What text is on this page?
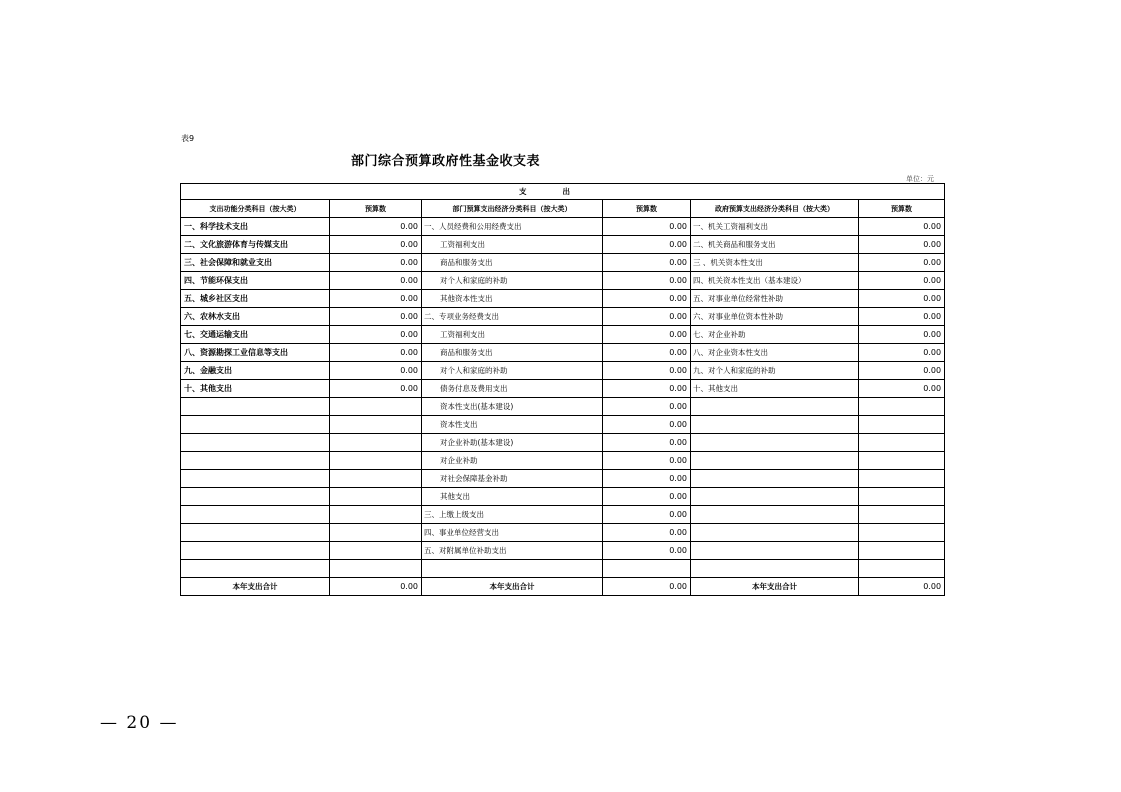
表9
部门综合预算政府性基金收支表
单位：元
支出					
支出功能分类科目（按大类）	预算数	部门预算支出经济分类科目（按大类）	预算数	政府预算支出经济分类科目（按大类）	预算数
一、科学技术支出	0.00	一、人员经费和公用经费支出	0.00	一、机关工资福利支出	0.00
二、文化旅游体育与传媒支出	0.00	工资福利支出	0.00	二、机关商品和服务支出	0.00
三、社会保障和就业支出	0.00	商品和服务支出	0.00	三 、机关资本性支出	0.00
四、节能环保支出	0.00	对个人和家庭的补助	0.00	四、机关资本性支出（基本建设）	0.00
五、城乡社区支出	0.00	其他资本性支出	0.00	五、对事业单位经常性补助	0.00
六、农林水支出	0.00	二、专项业务经费支出	0.00	六、对事业单位资本性补助	0.00
七、交通运输支出	0.00	工资福利支出	0.00	七、对企业补助	0.00
八、资源勘探工业信息等支出	0.00	商品和服务支出	0.00	八、对企业资本性支出	0.00
九、金融支出	0.00	对个人和家庭的补助	0.00	九、对个人和家庭的补助	0.00
十、其他支出	0.00	债务付息及费用支出	0.00	十、其他支出	0.00
		资本性支出(基本建设)	0.00		
		资本性支出	0.00		
		对企业补助(基本建设)	0.00		
		对企业补助	0.00		
		对社会保障基金补助	0.00		
		其他支出	0.00		
		三、上缴上级支出	0.00		
		四、事业单位经营支出	0.00		
		五、对附属单位补助支出	0.00		

本年支出合计	0.00	本年支出合计	0.00	本年支出合计	0.00
— 20 —
